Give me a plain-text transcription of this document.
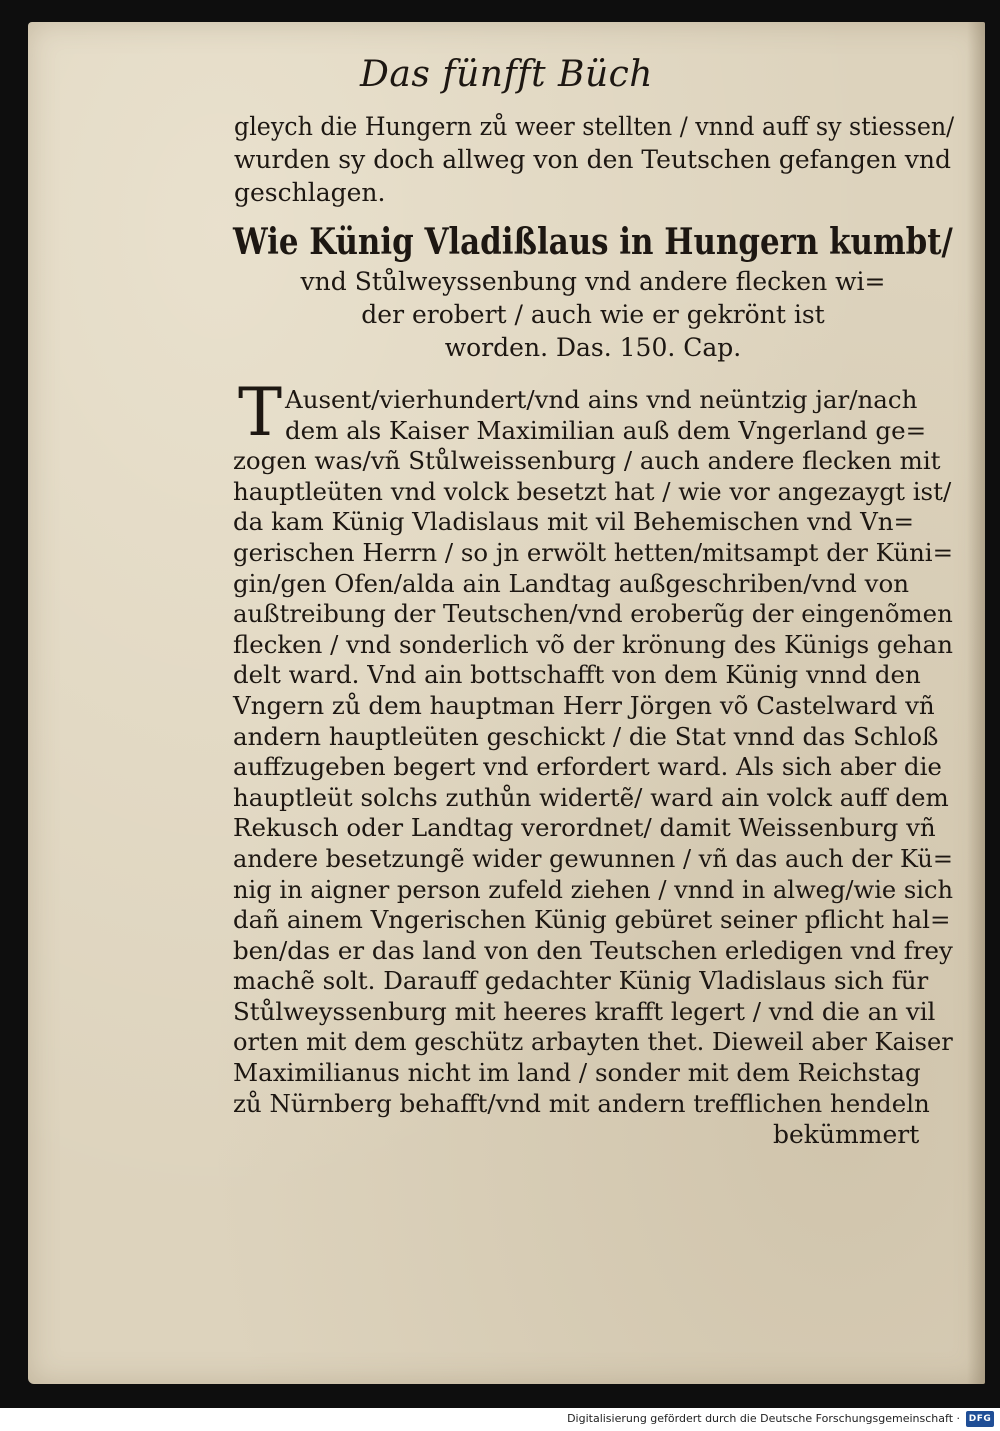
Das fünfft Büch
gleych die Hungern zů weer stellten / vnnd auff sy stiessen/
wurden sy doch allweg von den Teutschen gefangen vnd
geschlagen.
Wie Künig Vladißlaus in Hungern kumbt/
vnd Stůlweyssenbung vnd andere flecken wi=
der erobert / auch wie er gekrönt ist
worden. Das. 150. Cap.
T Ausent/vierhundert/vnd ains vnd neüntzig jar/nach
dem als Kaiser Maximilian auß dem Vngerland ge=
zogen was/vñ Stůlweissenburg / auch andere flecken mit
hauptleüten vnd volck besetzt hat / wie vor angezaygt ist/
da kam Künig Vladislaus mit vil Behemischen vnd Vn=
gerischen Herrn / so jn erwölt hetten/mitsampt der Küni=
gin/gen Ofen/alda ain Landtag außgeschriben/vnd von
außtreibung der Teutschen/vnd eroberũg der eingenõmen
flecken / vnd sonderlich võ der krönung des Künigs gehan
delt ward. Vnd ain bottschafft von dem Künig vnnd den
Vngern zů dem hauptman Herr Jörgen võ Castelward vñ
andern hauptleüten geschickt / die Stat vnnd das Schloß
auffzugeben begert vnd erfordert ward. Als sich aber die
hauptleüt solchs zuthůn widertẽ/ ward ain volck auff dem
Rekusch oder Landtag verordnet/ damit Weissenburg vñ
andere besetzungẽ wider gewunnen / vñ das auch der Kü=
nig in aigner person zufeld ziehen / vnnd in alweg/wie sich
dañ ainem Vngerischen Künig gebüret seiner pflicht hal=
ben/das er das land von den Teutschen erledigen vnd frey
machẽ solt. Darauff gedachter Künig Vladislaus sich für
Stůlweyssenburg mit heeres krafft legert / vnd die an vil
orten mit dem geschütz arbayten thet. Dieweil aber Kaiser
Maximilianus nicht im land / sonder mit dem Reichstag
zů Nürnberg behafft/vnd mit andern trefflichen hendeln
bekümmert
Digitalisierung gefördert durch die Deutsche Forschungsgemeinschaft · DFG
